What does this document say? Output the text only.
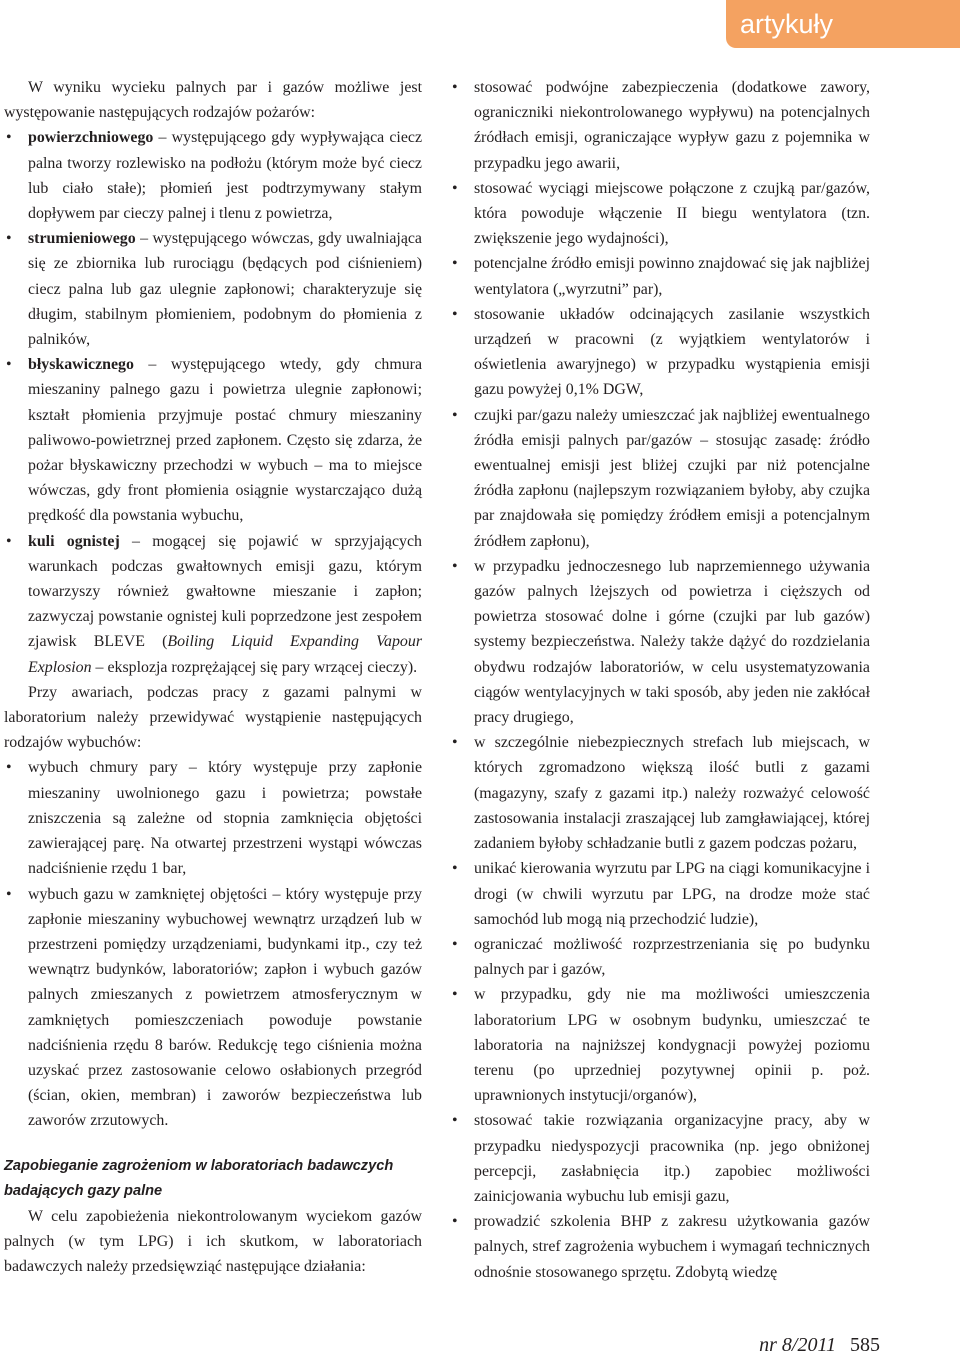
artykuły

W wyniku wycieku palnych par i gazów możliwe jest występowanie następujących rodzajów pożarów:

• powierzchniowego – występującego gdy wypływająca ciecz palna tworzy rozlewisko na podłożu (którym może być ciecz lub ciało stałe); płomień jest podtrzymywany stałym dopływem par cieczy palnej i tlenu z powietrza,
• strumieniowego – występującego wówczas, gdy uwalniająca się ze zbiornika lub rurociągu (będących pod ciśnieniem) ciecz palna lub gaz ulegnie zapłonowi; charakteryzuje się długim, stabilnym płomieniem, podobnym do płomienia z palników,
• błyskawicznego – występującego wtedy, gdy chmura mieszaniny palnego gazu i powietrza ulegnie zapłonowi; kształt płomienia przyjmuje postać chmury mieszaniny paliwowo-powietrznej przed zapłonem. Często się zdarza, że pożar błyskawiczny przechodzi w wybuch – ma to miejsce wówczas, gdy front płomienia osiągnie wystarczająco dużą prędkość dla powstania wybuchu,
• kuli ognistej – mogącej się pojawić w sprzyjających warunkach podczas gwałtownych emisji gazu, którym towarzyszy również gwałtowne mieszanie i zapłon; zazwyczaj powstanie ognistej kuli poprzedzone jest zespołem zjawisk BLEVE (Boiling Liquid Expanding Vapour Explosion – eksplozja rozprężającej się pary wrzącej cieczy).

Przy awariach, podczas pracy z gazami palnymi w laboratorium należy przewidywać wystąpienie następujących rodzajów wybuchów:

• wybuch chmury pary – który występuje przy zapłonie mieszaniny uwolnionego gazu i powietrza; powstałe zniszczenia są zależne od stopnia zamknięcia objętości zawierającej parę. Na otwartej przestrzeni wystąpi wówczas nadciśnienie rzędu 1 bar,
• wybuch gazu w zamkniętej objętości – który występuje przy zapłonie mieszaniny wybuchowej wewnątrz urządzeń lub w przestrzeni pomiędzy urządzeniami, budynkami itp., czy też wewnątrz budynków, laboratoriów; zapłon i wybuch gazów palnych zmieszanych z powietrzem atmosferycznym w zamkniętych pomieszczeniach powoduje powstanie nadciśnienia rzędu 8 barów. Redukcję tego ciśnienia można uzyskać przez zastosowanie celowo osłabionych przegród (ścian, okien, membran) i zaworów bezpieczeństwa lub zaworów zrzutowych.

Zapobieganie zagrożeniom w laboratoriach badawczych badających gazy palne

W celu zapobieżenia niekontrolowanym wyciekom gazów palnych (w tym LPG) i ich skutkom, w laboratoriach badawczych należy przedsięwziąć następujące działania:

• stosować podwójne zabezpieczenia (dodatkowe zawory, ograniczniki niekontrolowanego wypływu) na potencjalnych źródłach emisji, ograniczające wypływ gazu z pojemnika w przypadku jego awarii,
• stosować wyciągi miejscowe połączone z czujką par/gazów, która powoduje włączenie II biegu wentylatora (tzn. zwiększenie jego wydajności),
• potencjalne źródło emisji powinno znajdować się jak najbliżej wentylatora („wyrzutni” par),
• stosowanie układów odcinających zasilanie wszystkich urządzeń w pracowni (z wyjątkiem wentylatorów i oświetlenia awaryjnego) w przypadku wystąpienia emisji gazu powyżej 0,1% DGW,
• czujki par/gazu należy umieszczać jak najbliżej ewentualnego źródła emisji palnych par/gazów – stosując zasadę: źródło ewentualnej emisji jest bliżej czujki par niż potencjalne źródła zapłonu (najlepszym rozwiązaniem byłoby, aby czujka par znajdowała się pomiędzy źródłem emisji a potencjalnym źródłem zapłonu),
• w przypadku jednoczesnego lub naprzemiennego używania gazów palnych lżejszych od powietrza i cięższych od powietrza stosować dolne i górne (czujki par lub gazów) systemy bezpieczeństwa. Należy także dążyć do rozdzielania obydwu rodzajów laboratoriów, w celu usystematyzowania ciągów wentylacyjnych w taki sposób, aby jeden nie zakłócał pracy drugiego,
• w szczególnie niebezpiecznych strefach lub miejscach, w których zgromadzono większą ilość butli z gazami (magazyny, szafy z gazami itp.) należy rozważyć celowość zastosowania instalacji zraszającej lub zamgławiającej, której zadaniem byłoby schładzanie butli z gazem podczas pożaru,
• unikać kierowania wyrzutu par LPG na ciągi komunikacyjne i drogi (w chwili wyrzutu par LPG, na drodze może stać samochód lub mogą nią przechodzić ludzie),
• ograniczać możliwość rozprzestrzeniania się po budynku palnych par i gazów,
• w przypadku, gdy nie ma możliwości umieszczenia laboratorium LPG w osobnym budynku, umieszczać te laboratoria na najniższej kondygnacji powyżej poziomu terenu (po uprzedniej pozytywnej opinii p. poż. uprawnionych instytucji/organów),
• stosować takie rozwiązania organizacyjne pracy, aby w przypadku niedyspozycji pracownika (np. jego obniżonej percepcji, zasłabnięcia itp.) zapobiec możliwości zainicjowania wybuchu lub emisji gazu,
• prowadzić szkolenia BHP z zakresu użytkowania gazów palnych, stref zagrożenia wybuchem i wymagań technicznych odnośnie stosowanego sprzętu. Zdobytą wiedzę
nr 8/2011 585
